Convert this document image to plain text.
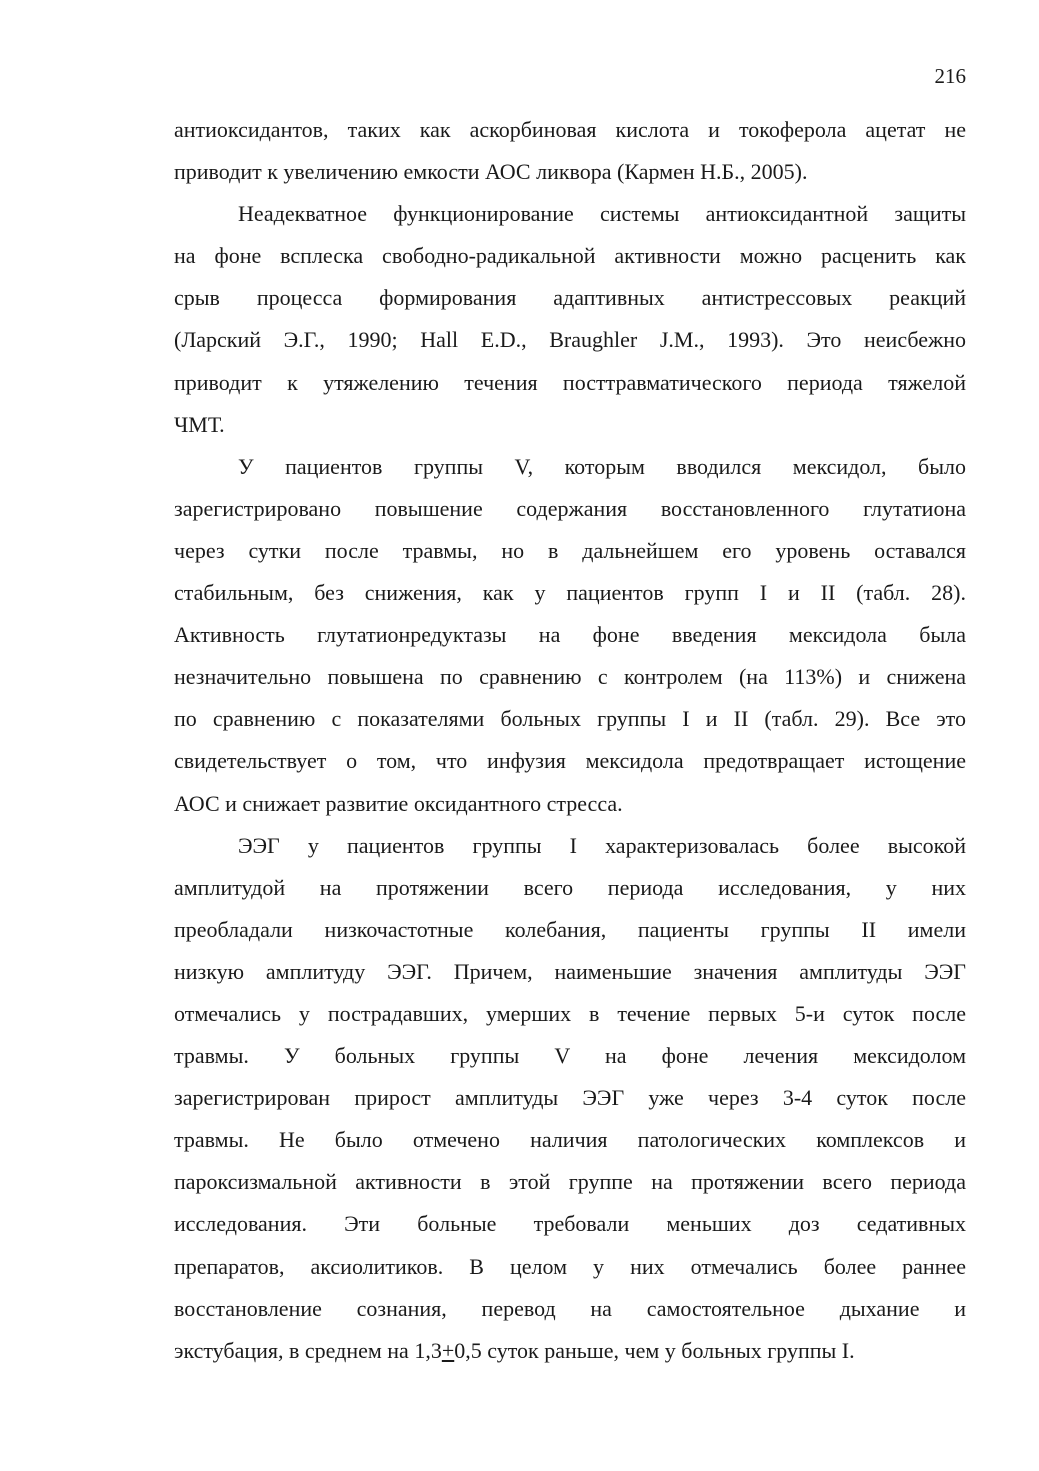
216

антиоксидантов, таких как аскорбиновая кислота и токоферола ацетат не
приводит к увеличению емкости АОС ликвора (Кармен Н.Б., 2005).

Неадекватное функционирование системы антиоксидантной защиты
на фоне всплеска свободно-радикальной активности можно расценить как
срыв процесса формирования адаптивных антистрессовых реакций
(Ларский Э.Г., 1990; Hall E.D., Braughler J.M., 1993). Это неисбежно
приводит к утяжелению течения посттравматического периода тяжелой
ЧМТ.

У пациентов группы V, которым вводился мексидол, было
зарегистрировано повышение содержания восстановленного глутатиона
через сутки после травмы, но в дальнейшем его уровень оставался
стабильным, без снижения, как у пациентов групп I и II (табл. 28).
Активность глутатионредуктазы на фоне введения мексидола была
незначительно повышена по сравнению с контролем (на 113%) и снижена
по сравнению с показателями больных группы I и II (табл. 29). Все это
свидетельствует о том, что инфузия мексидола предотвращает истощение
АОС и снижает развитие оксидантного стресса.

ЭЭГ у пациентов группы I характеризовалась более высокой
амплитудой на протяжении всего периода исследования, у них
преобладали низкочастотные колебания, пациенты группы II имели
низкую амплитуду ЭЭГ. Причем, наименьшие значения амплитуды ЭЭГ
отмечались у пострадавших, умерших в течение первых 5-и суток после
травмы. У больных группы V на фоне лечения мексидолом
зарегистрирован прирост амплитуды ЭЭГ уже через 3-4 суток после
травмы. Не было отмечено наличия патологических комплексов и
пароксизмальной активности в этой группе на протяжении всего периода
исследования. Эти больные требовали меньших доз седативных
препаратов, аксиолитиков. В целом у них отмечались более раннее
восстановление сознания, перевод на самостоятельное дыхание и
экстубация, в среднем на 1,3+0,5 суток раньше, чем у больных группы I.
